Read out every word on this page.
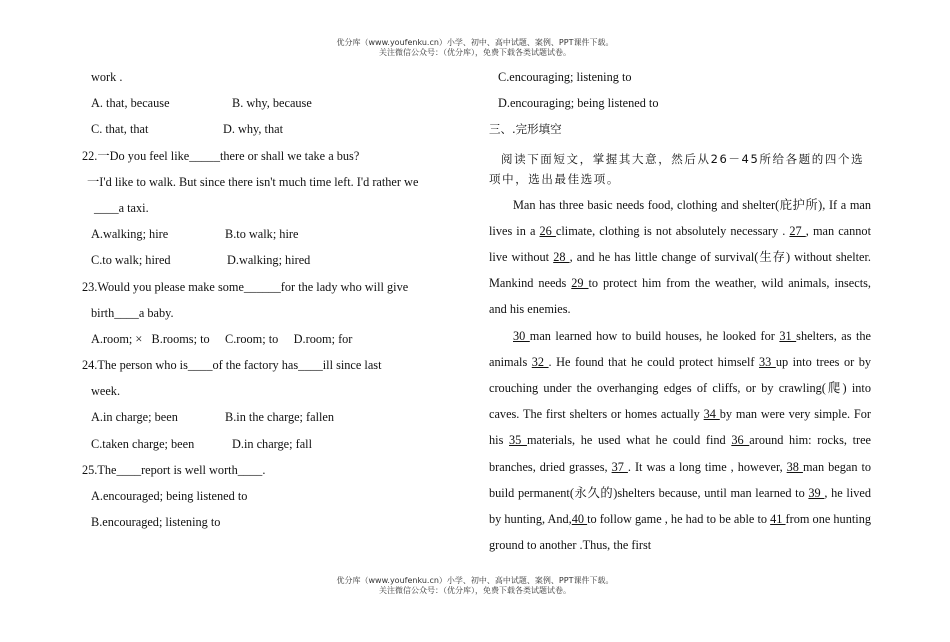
优分库（www.youfenku.cn）小学、初中、高中试题、案例、PPT课件下载。
关注微信公众号：（优分库），免费下载各类试题试卷。
work .
A. that, because	B. why, because
C. that, that	D. why, that
22.一Do you feel like_____there or shall we take a bus?
一I'd like to walk. But since there isn't much time left. I'd rather we
____a taxi.
A.walking; hire	B.to walk; hire
C.to walk; hired	D.walking; hired
23.Would you please make some______for the lady who will give
birth____a baby.
A.room; ×   B.rooms; to     C.room; to     D.room; for
24.The person who is____of the factory has____ill since last
week.
A.in charge; been	B.in the charge; fallen
C.taken charge; been	D.in charge; fall
25.The____report is well worth____.
A.encouraged; being listened to
B.encouraged; listening to
C.encouraging; listening to
D.encouraging; being listened to
三、.完形填空
阅读下面短文，掌握其大意，然后从26－45所给各题的四个选项中，选出最佳选项。

Man has three basic needs food, clothing and shelter(庇护所), If a man lives in a 26 climate, clothing is not absolutely necessary . 27 , man cannot live without 28 , and he has little change of survival(生存) without shelter. Mankind needs 29 to protect him from the weather, wild animals, insects, and his enemies.

30 man learned how to build houses, he looked for 31 shelters, as the animals 32 . He found that he could protect himself 33 up into trees or by crouching under the overhanging edges of cliffs, or by crawling(爬) into caves. The first shelters or homes actually 34 by man were very simple. For his 35 materials, he used what he could find 36 around him: rocks, tree branches, dried grasses, 37 . It was a long time , however, 38 man began to build permanent(永久的)shelters because, until man learned to 39 , he lived by hunting, And,40 to follow game , he had to be able to 41 from one hunting ground to another .Thus, the first

优分库（www.youfenku.cn）小学、初中、高中试题、案例、PPT课件下载。
关注微信公众号：（优分库），免费下载各类试题试卷。
